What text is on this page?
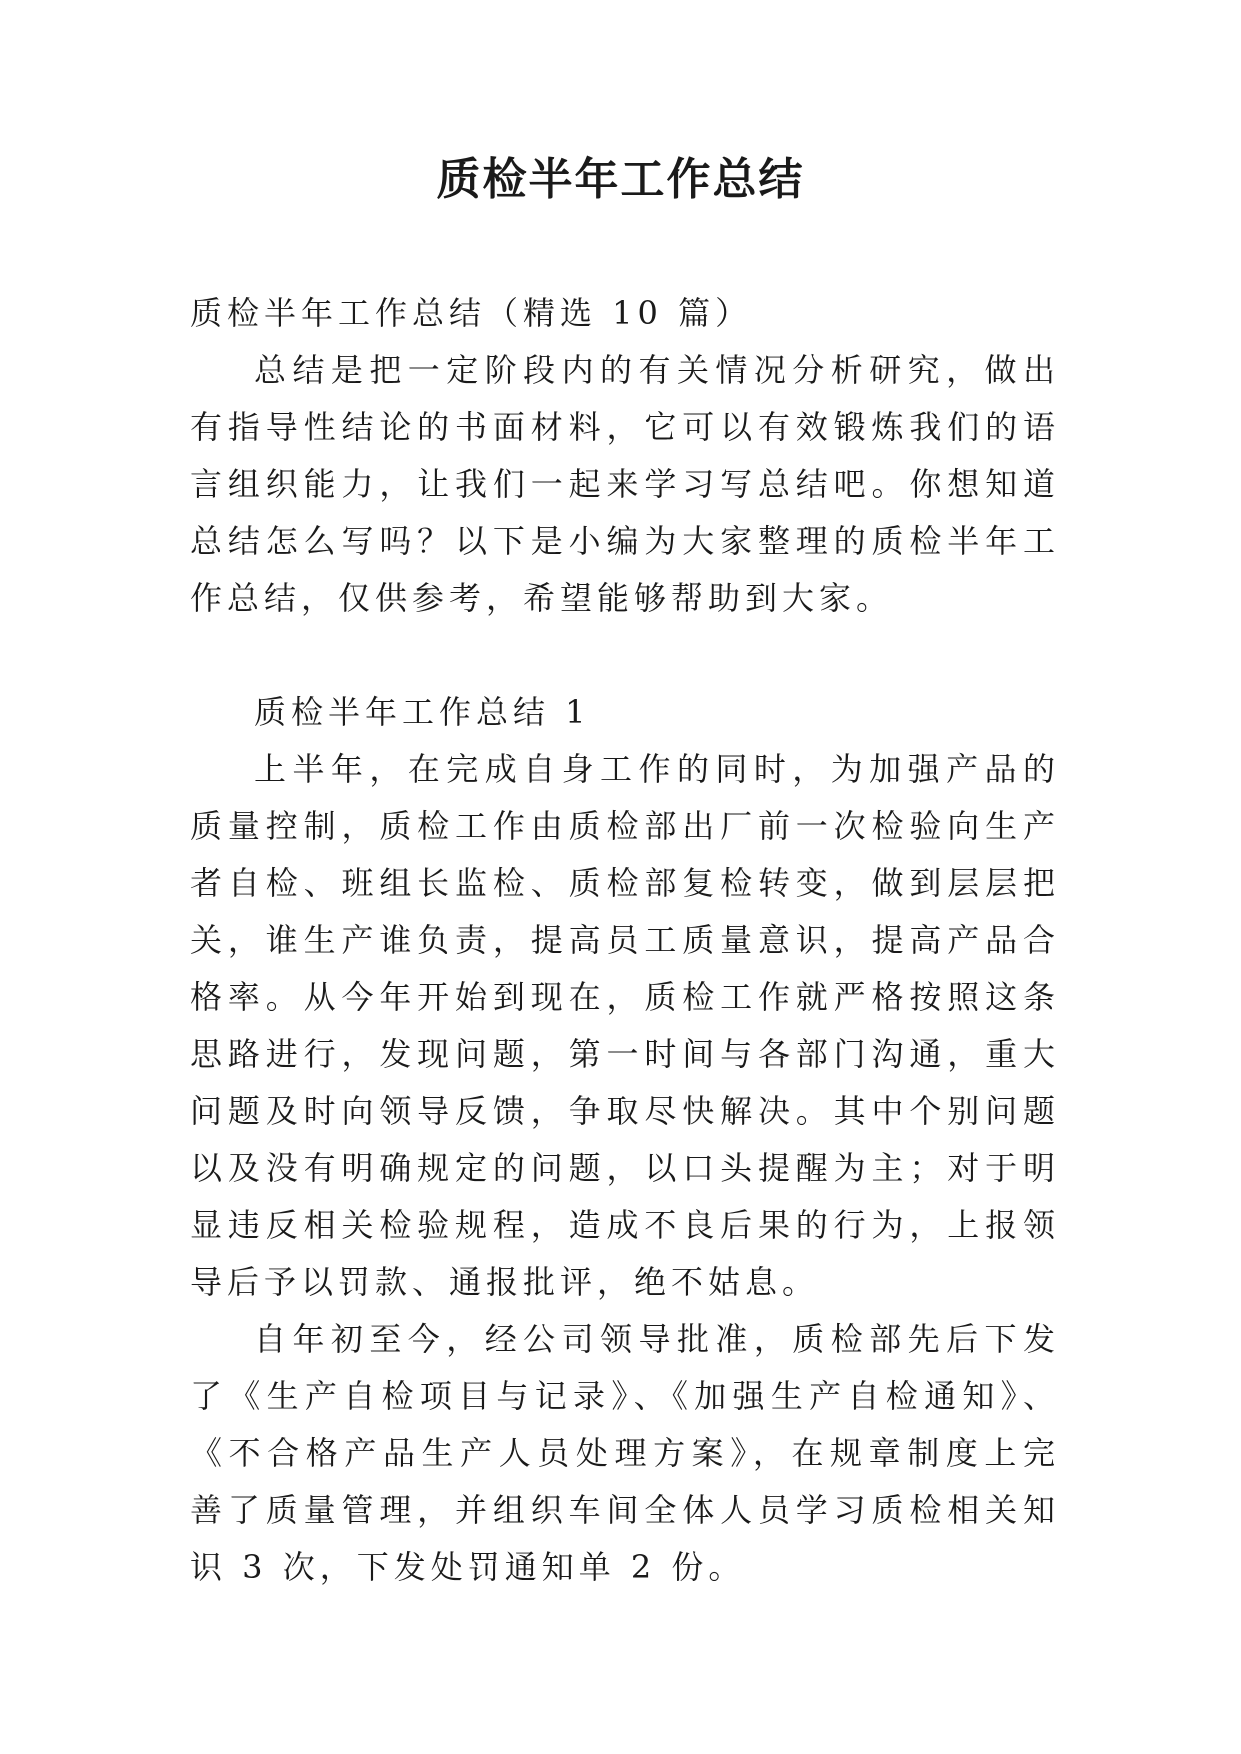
质检半年工作总结

质检半年工作总结（精选 10 篇）

总结是把一定阶段内的有关情况分析研究，做出有指导性结论的书面材料，它可以有效锻炼我们的语言组织能力，让我们一起来学习写总结吧。你想知道总结怎么写吗？以下是小编为大家整理的质检半年工作总结，仅供参考，希望能够帮助到大家。

质检半年工作总结 1

上半年，在完成自身工作的同时，为加强产品的质量控制，质检工作由质检部出厂前一次检验向生产者自检、班组长监检、质检部复检转变，做到层层把关，谁生产谁负责，提高员工质量意识，提高产品合格率。从今年开始到现在，质检工作就严格按照这条思路进行，发现问题，第一时间与各部门沟通，重大问题及时向领导反馈，争取尽快解决。其中个别问题以及没有明确规定的问题，以口头提醒为主；对于明显违反相关检验规程，造成不良后果的行为，上报领导后予以罚款、通报批评，绝不姑息。

自年初至今，经公司领导批准，质检部先后下发了《生产自检项目与记录》、《加强生产自检通知》、《不合格产品生产人员处理方案》，在规章制度上完善了质量管理，并组织车间全体人员学习质检相关知识 3 次，下发处罚通知单 2 份。
